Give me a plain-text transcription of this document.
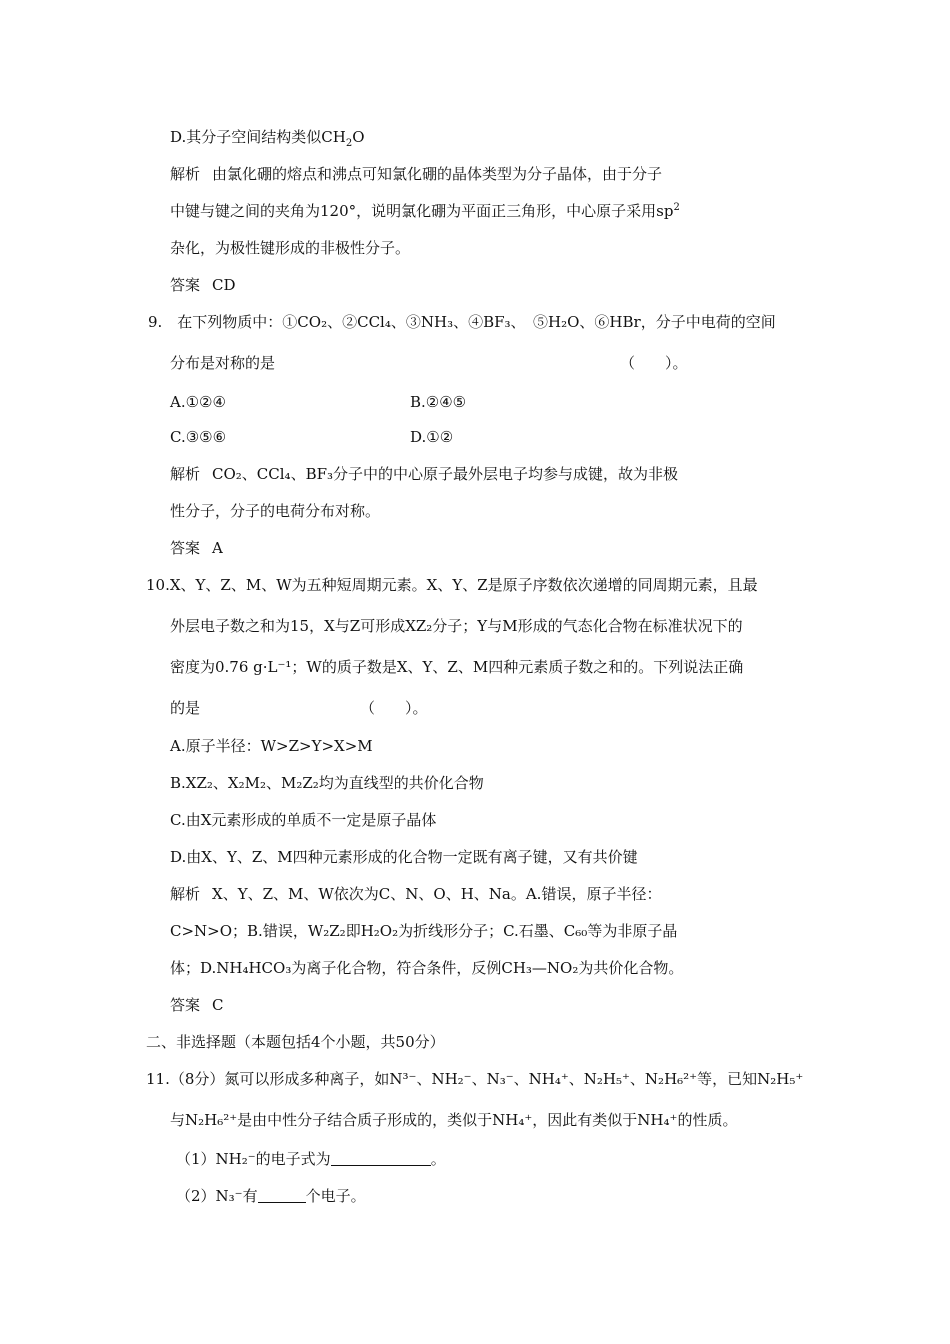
D.其分子空间结构类似$CH_2O$
解析 由氯化硼的熔点和沸点可知氯化硼的晶体类型为分子晶体，由于分子
中键与键之间的夹角为120°，说明氯化硼为平面正三角形，中心原子采用$sp^2$
杂化，为极性键形成的非极性分子。
答案 CD
9.　在下列物质中：①CO₂、②CCl₄、③NH₃、④BF₃、　⑤H₂O、⑥HBr，分子中电荷的空间
分布是对称的是	（　　）。
A.①②④	B.②④⑤
C.③⑤⑥	D.①②
解析 CO₂、CCl₄、BF₃分子中的中心原子最外层电子均参与成键，故为非极
性分子，分子的电荷分布对称。
答案 A
10.X、Y、Z、M、W为五种短周期元素。X、Y、Z是原子序数依次递增的同周期元素，且最
外层电子数之和为15，X与Z可形成XZ₂分子；Y与M形成的气态化合物在标准状况下的
密度为0.76 g·L⁻¹；W的质子数是X、Y、Z、M四种元素质子数之和的。下列说法正确
的是	（　　）。
A.原子半径：W>Z>Y>X>M
B.XZ₂、X₂M₂、M₂Z₂均为直线型的共价化合物
C.由X元素形成的单质不一定是原子晶体
D.由X、Y、Z、M四种元素形成的化合物一定既有离子键，又有共价键
解析 X、Y、Z、M、W依次为C、N、O、H、Na。A.错误，原子半径：
C>N>O；B.错误，W₂Z₂即H₂O₂为折线形分子；C.石墨、C₆₀等为非原子晶
体；D.NH₄HCO₃为离子化合物，符合条件，反例CH₃—NO₂为共价化合物。
答案 C
二、非选择题（本题包括4个小题，共50分）
11.（8分）氮可以形成多种离子，如N³⁻、NH₂⁻、N₃⁻、NH₄⁺、N₂H₅⁺、N₂H₆²⁺等，已知N₂H₅⁺
与N₂H₆²⁺是由中性分子结合质子形成的，类似于NH₄⁺，因此有类似于NH₄⁺的性质。
（1）NH₂⁻的电子式为	。
（2）N₃⁻有	个电子。
